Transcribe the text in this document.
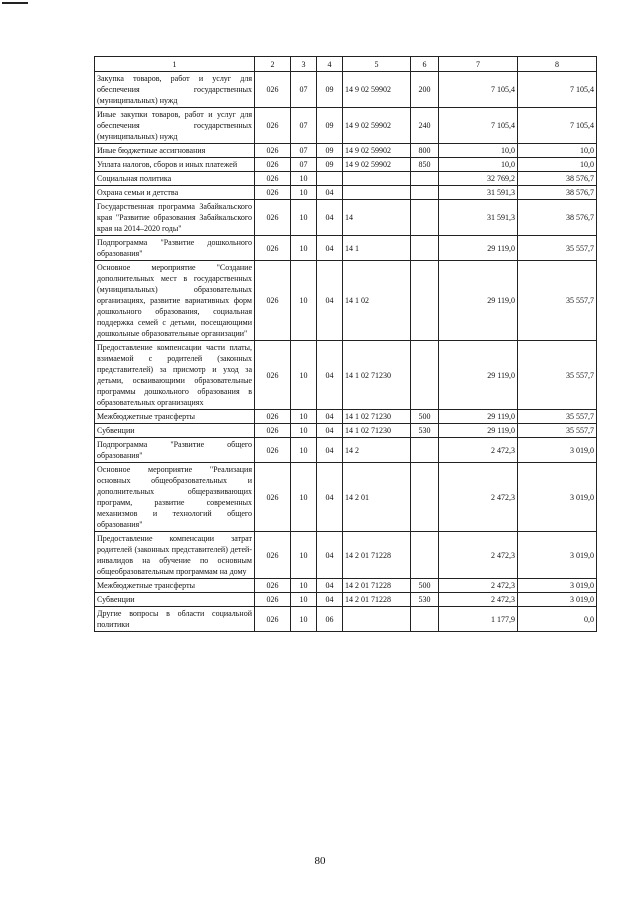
1	2	3	4	5	6	7	8
Закупка товаров, работ и услуг для обеспечения государственных (муниципальных) нужд	026	07	09	14 9 02 59902	200	7 105,4	7 105,4
Иные закупки товаров, работ и услуг для обеспечения государственных (муниципальных) нужд	026	07	09	14 9 02 59902	240	7 105,4	7 105,4
Иные бюджетные ассигнования	026	07	09	14 9 02 59902	800	10,0	10,0
Уплата налогов, сборов и иных платежей	026	07	09	14 9 02 59902	850	10,0	10,0
Социальная политика	026	10				32 769,2	38 576,7
Охрана семьи и детства	026	10	04			31 591,3	38 576,7
Государственная программа Забайкальского края "Развитие образования Забайкальского края на 2014–2020 годы"	026	10	04	14		31 591,3	38 576,7
Подпрограмма "Развитие дошкольного образования"	026	10	04	14 1		29 119,0	35 557,7
Основное мероприятие "Создание дополнительных мест в государственных (муниципальных) образовательных организациях, развитие вариативных форм дошкольного образования, социальная поддержка семей с детьми, посещающими дошкольные образовательные организации"	026	10	04	14 1 02		29 119,0	35 557,7
Предоставление компенсации части платы, взимаемой с родителей (законных представителей) за присмотр и уход за детьми, осваивающими образовательные программы дошкольного образования в образовательных организациях	026	10	04	14 1 02 71230		29 119,0	35 557,7
Межбюджетные трансферты	026	10	04	14 1 02 71230	500	29 119,0	35 557,7
Субвенции	026	10	04	14 1 02 71230	530	29 119,0	35 557,7
Подпрограмма "Развитие общего образования"	026	10	04	14 2		2 472,3	3 019,0
Основное мероприятие "Реализация основных общеобразовательных и дополнительных общеразвивающих программ, развитие современных механизмов и технологий общего образования"	026	10	04	14 2 01		2 472,3	3 019,0
Предоставление компенсации затрат родителей (законных представителей) детей-инвалидов на обучение по основным общеобразовательным программам на дому	026	10	04	14 2 01 71228		2 472,3	3 019,0
Межбюджетные трансферты	026	10	04	14 2 01 71228	500	2 472,3	3 019,0
Субвенции	026	10	04	14 2 01 71228	530	2 472,3	3 019,0
Другие вопросы в области социальной политики	026	10	06			1 177,9	0,0
80
